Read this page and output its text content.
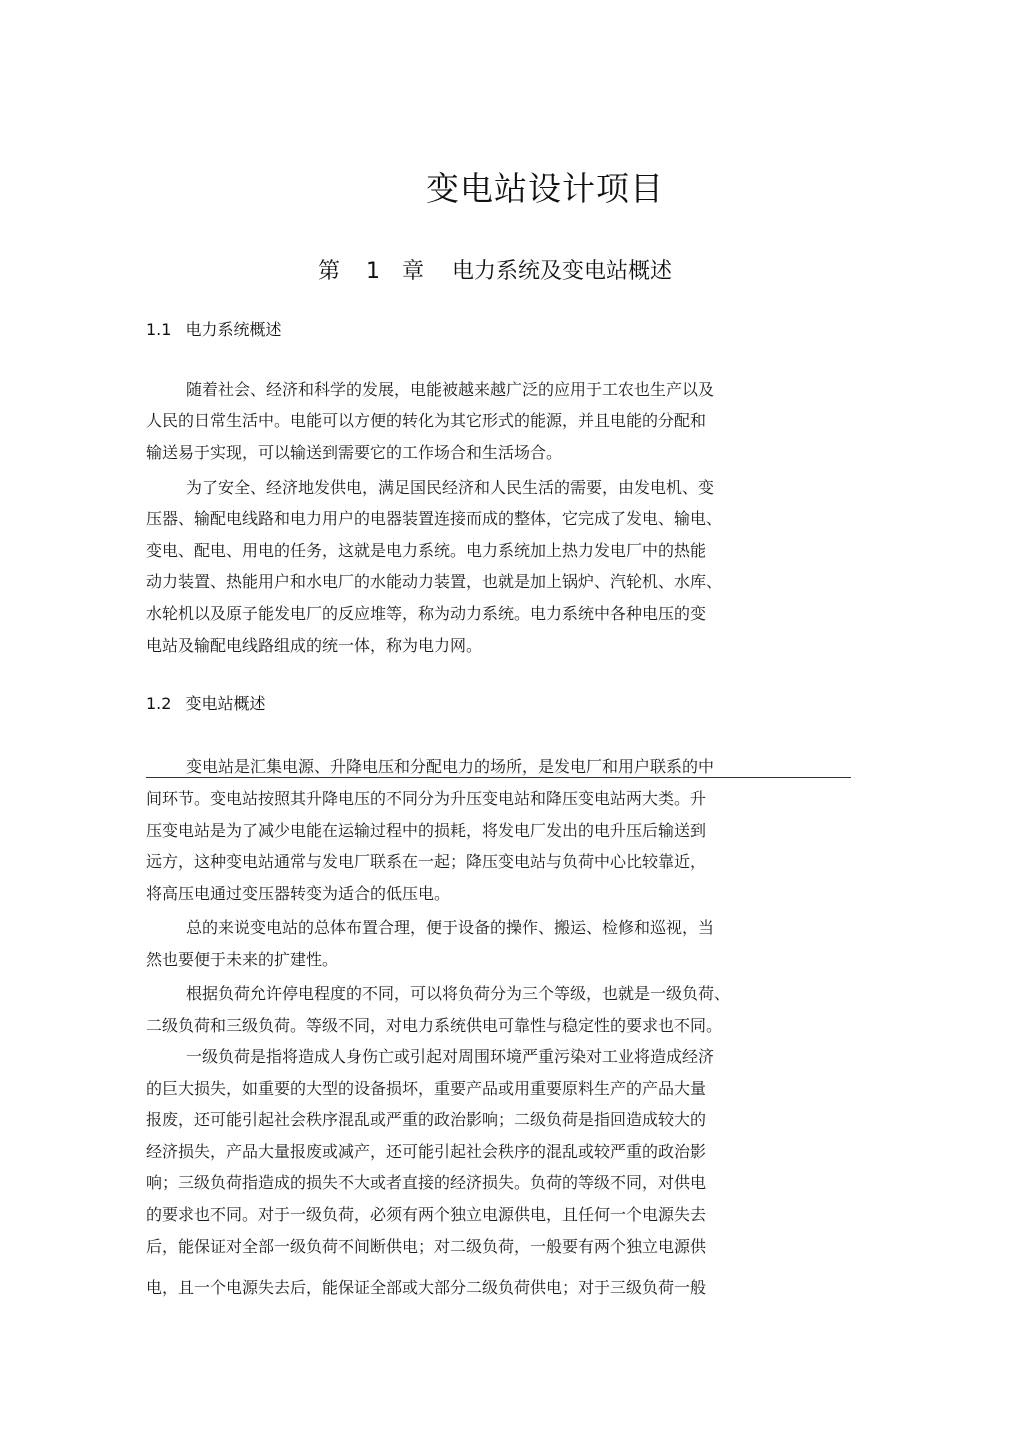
变电站设计项目
第 1 章 电力系统及变电站概述
1.1 电力系统概述
随着社会、经济和科学的发展，电能被越来越广泛的应用于工农也生产以及
人民的日常生活中。电能可以方便的转化为其它形式的能源，并且电能的分配和
输送易于实现，可以输送到需要它的工作场合和生活场合。
为了安全、经济地发供电，满足国民经济和人民生活的需要，由发电机、变
压器、输配电线路和电力用户的电器装置连接而成的整体，它完成了发电、输电、
变电、配电、用电的任务，这就是电力系统。电力系统加上热力发电厂中的热能
动力装置、热能用户和水电厂的水能动力装置，也就是加上锅炉、汽轮机、水库、
水轮机以及原子能发电厂的反应堆等，称为动力系统。电力系统中各种电压的变
电站及输配电线路组成的统一体，称为电力网。
1.2 变电站概述
变电站是汇集电源、升降电压和分配电力的场所，是发电厂和用户联系的中
间环节。变电站按照其升降电压的不同分为升压变电站和降压变电站两大类。升
压变电站是为了减少电能在运输过程中的损耗，将发电厂发出的电升压后输送到
远方，这种变电站通常与发电厂联系在一起；降压变电站与负荷中心比较靠近，
将高压电通过变压器转变为适合的低压电。
总的来说变电站的总体布置合理，便于设备的操作、搬运、检修和巡视，当
然也要便于未来的扩建性。
根据负荷允许停电程度的不同，可以将负荷分为三个等级，也就是一级负荷、
二级负荷和三级负荷。等级不同，对电力系统供电可靠性与稳定性的要求也不同。
一级负荷是指将造成人身伤亡或引起对周围环境严重污染对工业将造成经济
的巨大损失，如重要的大型的设备损坏，重要产品或用重要原料生产的产品大量
报废，还可能引起社会秩序混乱或严重的政治影响；二级负荷是指回造成较大的
经济损失，产品大量报废或减产，还可能引起社会秩序的混乱或较严重的政治影
响；三级负荷指造成的损失不大或者直接的经济损失。负荷的等级不同，对供电
的要求也不同。对于一级负荷，必须有两个独立电源供电，且任何一个电源失去
后，能保证对全部一级负荷不间断供电；对二级负荷，一般要有两个独立电源供
电，且一个电源失去后，能保证全部或大部分二级负荷供电；对于三级负荷一般
